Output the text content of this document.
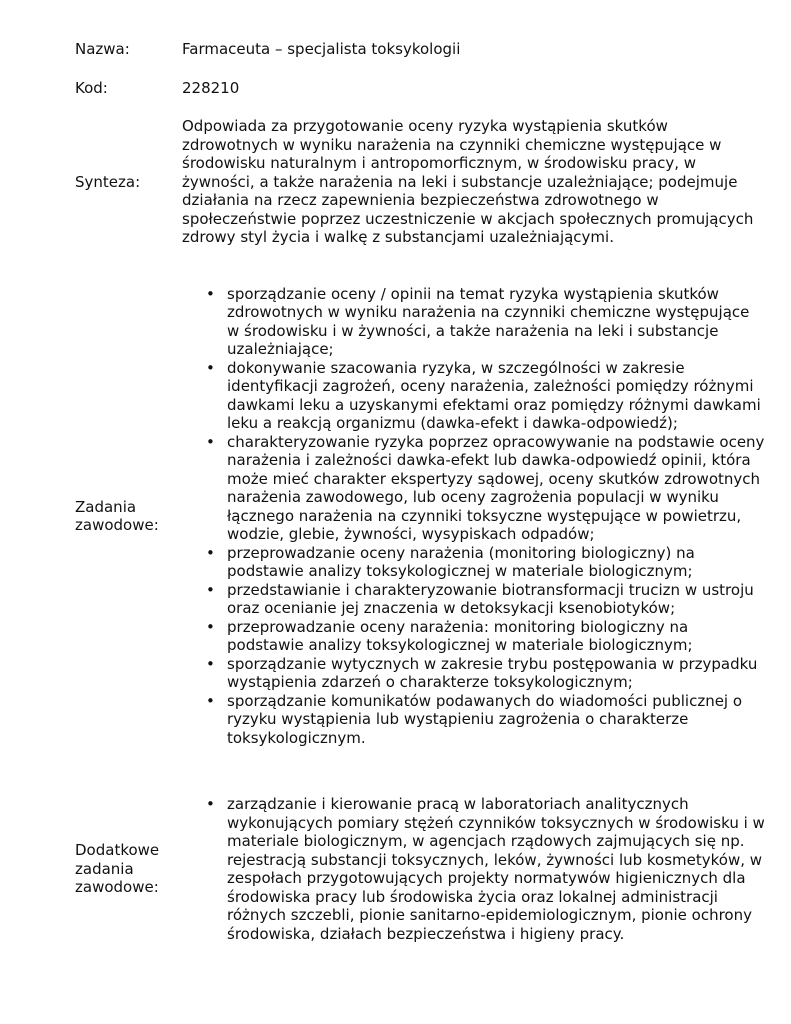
Nazwa:	Farmaceuta – specjalista toksykologii
Kod:	228210
Synteza:
Odpowiada za przygotowanie oceny ryzyka wystąpienia skutków zdrowotnych w wyniku narażenia na czynniki chemiczne występujące w środowisku naturalnym i antropomorficznym, w środowisku pracy, w żywności, a także narażenia na leki i substancje uzależniające; podejmuje działania na rzecz zapewnienia bezpieczeństwa zdrowotnego w społeczeństwie poprzez uczestniczenie w akcjach społecznych promujących zdrowy styl życia i walkę z substancjami uzależniającymi.
Zadania zawodowe:
• sporządzanie oceny / opinii na temat ryzyka wystąpienia skutków zdrowotnych w wyniku narażenia na czynniki chemiczne występujące w środowisku i w żywności, a także narażenia na leki i substancje uzależniające;
• dokonywanie szacowania ryzyka, w szczególności w zakresie identyfikacji zagrożeń, oceny narażenia, zależności pomiędzy różnymi dawkami leku a uzyskanymi efektami oraz pomiędzy różnymi dawkami leku a reakcją organizmu (dawka-efekt i dawka-odpowiedź);
• charakteryzowanie ryzyka poprzez opracowywanie na podstawie oceny narażenia i zależności dawka-efekt lub dawka-odpowiedź opinii, która może mieć charakter ekspertyzy sądowej, oceny skutków zdrowotnych narażenia zawodowego, lub oceny zagrożenia populacji w wyniku łącznego narażenia na czynniki toksyczne występujące w powietrzu, wodzie, glebie, żywności, wysypiskach odpadów;
• przeprowadzanie oceny narażenia (monitoring biologiczny) na podstawie analizy toksykologicznej w materiale biologicznym;
• przedstawianie i charakteryzowanie biotransformacji trucizn w ustroju oraz ocenianie jej znaczenia w detoksykacji ksenobiotyków;
• przeprowadzanie oceny narażenia: monitoring biologiczny na podstawie analizy toksykologicznej w materiale biologicznym;
• sporządzanie wytycznych w zakresie trybu postępowania w przypadku wystąpienia zdarzeń o charakterze toksykologicznym;
• sporządzanie komunikatów podawanych do wiadomości publicznej o ryzyku wystąpienia lub wystąpieniu zagrożenia o charakterze toksykologicznym.
Dodatkowe zadania zawodowe:
• zarządzanie i kierowanie pracą w laboratoriach analitycznych wykonujących pomiary stężeń czynników toksycznych w środowisku i w materiale biologicznym, w agencjach rządowych zajmujących się np. rejestracją substancji toksycznych, leków, żywności lub kosmetyków, w zespołach przygotowujących projekty normatywów higienicznych dla środowiska pracy lub środowiska życia oraz lokalnej administracji różnych szczebli, pionie sanitarno-epidemiologicznym, pionie ochrony środowiska, działach bezpieczeństwa i higieny pracy.
